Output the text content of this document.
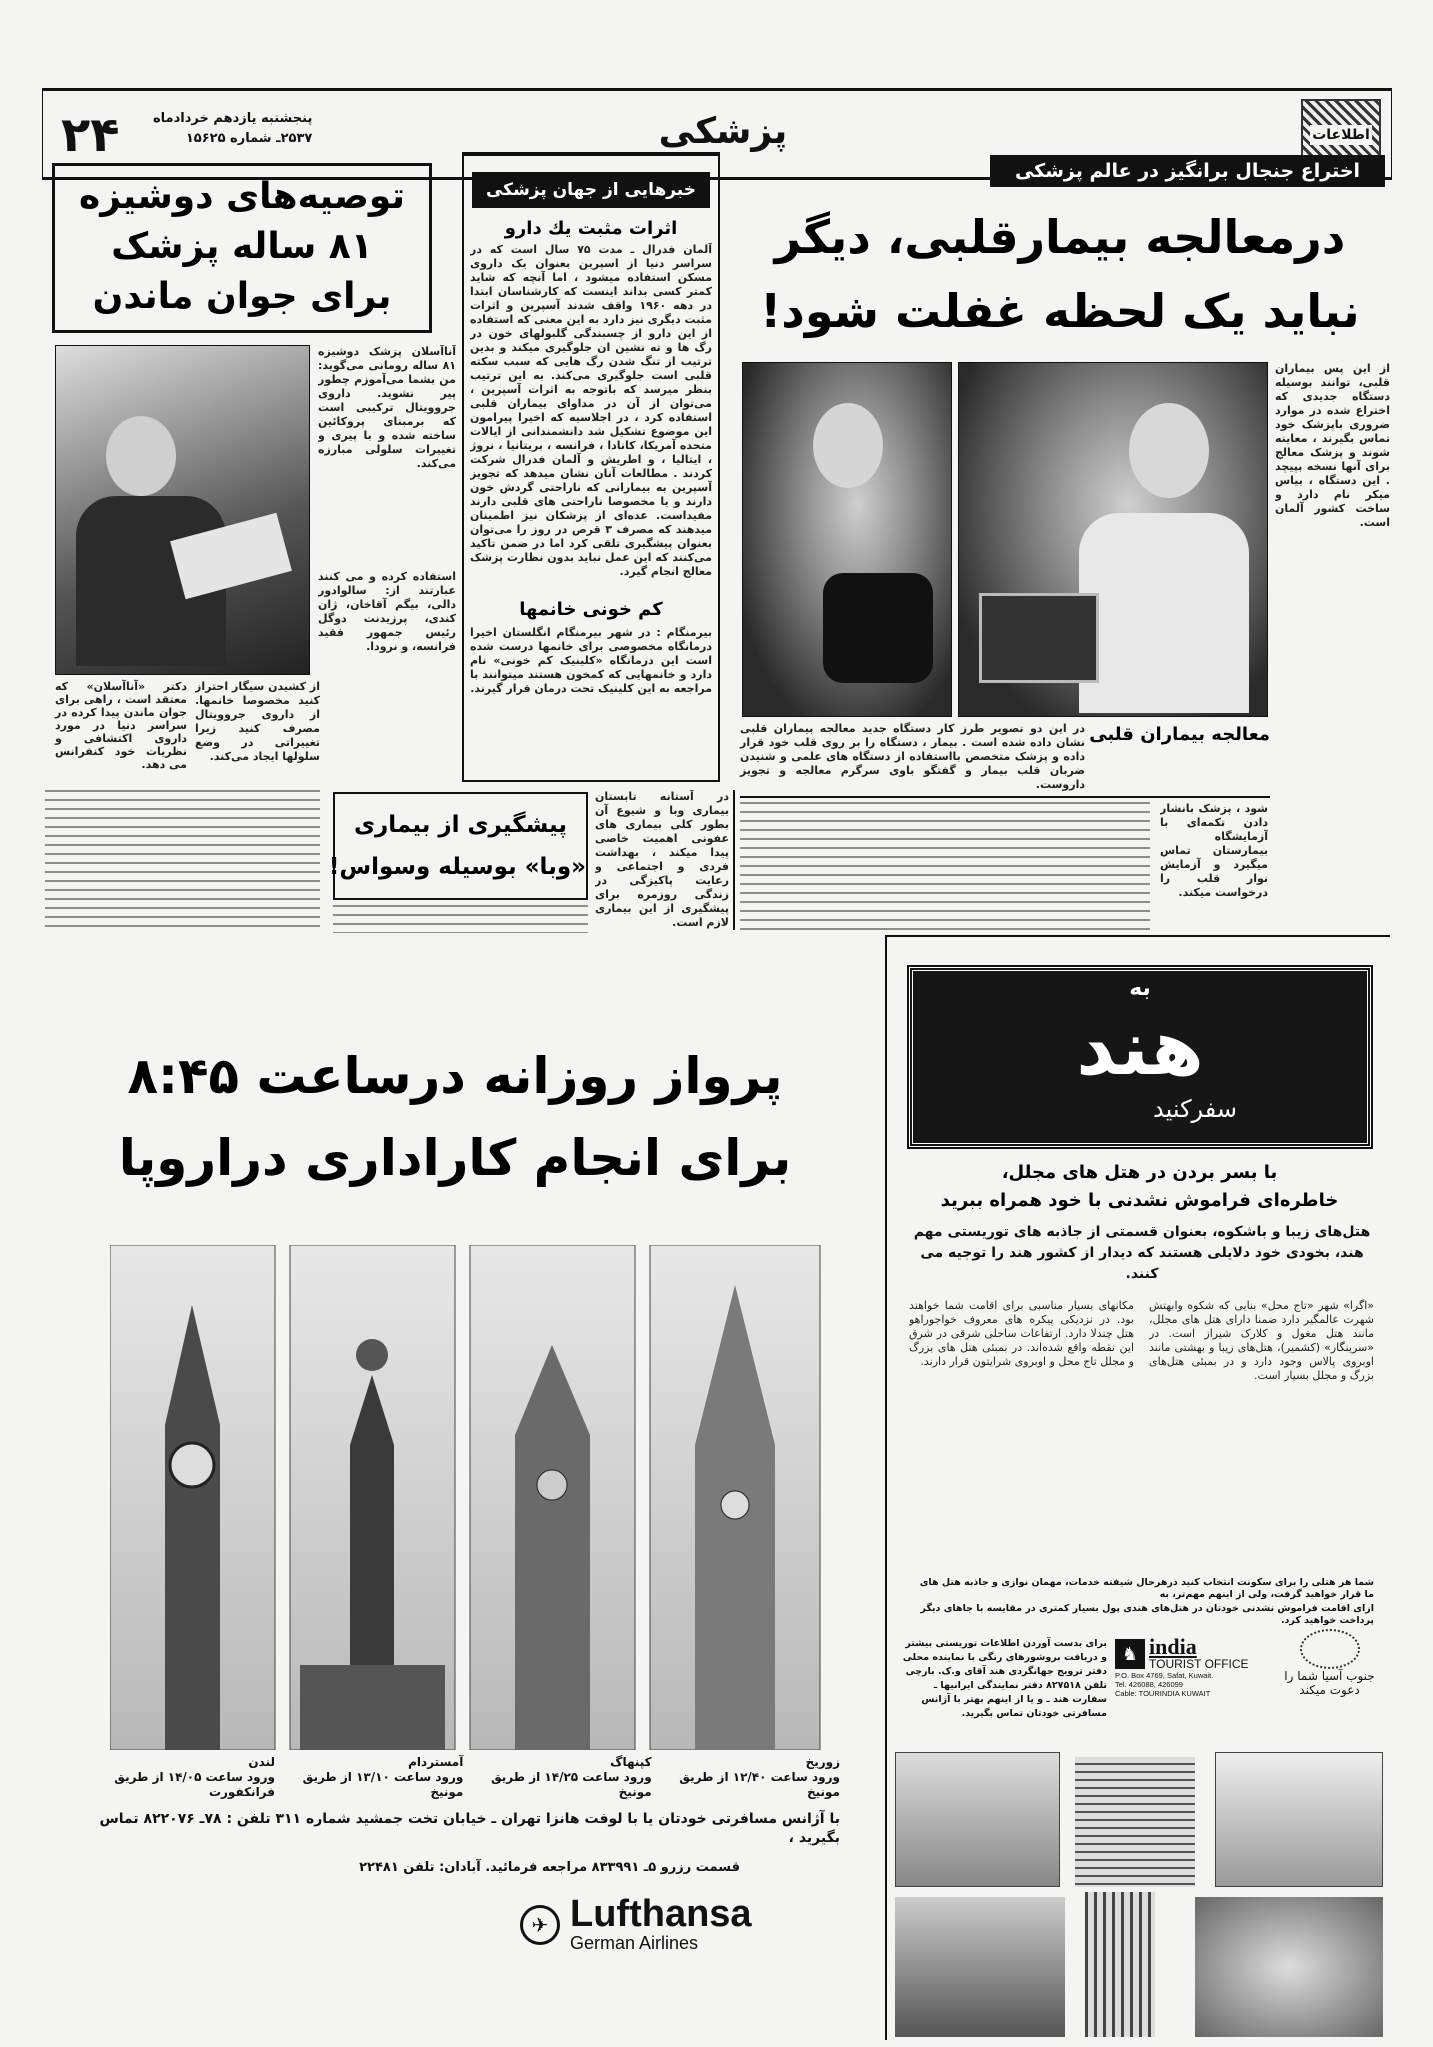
۲۴	پنجشنبه یازدهم خردادماه
۲۵۳۷ـ شماره ۱۵۶۲۵	پزشکی	اطلاعات
توصیه‌های دوشیزه
۸۱ ساله پزشک
برای جوان ماندن
آناآسلان پزشک دوشیزه ۸۱ ساله رومانی می‌گوید: من بشما می‌آموزم چطور پیر نشوید. داروی جروویتال ترکیبی است که برمبنای پروکائین ساخته شده و با پیری و تغییرات سلولی مبارزه می‌کند.
استفاده کرده و می کنند عبارتند از: سالوادور دالی، بیگم آقاخان، ژان کندی، پرزیدنت دوگل رئیس جمهور فقید فرانسه، و نرودا.
از کشیدن سیگار احتراز کنید مخصوصا خانمها. از داروی جروویتال مصرف کنید زیرا تغییراتی در وضع سلولها ایجاد می‌کند.
دکتر «آناآسلان» که معتقد است ، راهی برای جوان ماندن پیدا کرده در سراسر دنیا در مورد داروی اکتشافی و نظریات خود کنفرانس می دهد.
خبرهایی از جهان پزشکی
اثرات مثبت یك دارو
آلمان فدرال ـ مدت ۷۵ سال است که در سراسر دنیا از اسپرین بعنوان یک داروی مسکن استفاده میشود ، اما آنچه که شاید کمتر کسی بداند اینست که کارشناسان ابتدا در دهه ۱۹۶۰ واقف شدند آسپرین و اثرات مثبت دیگری نیز دارد به این معنی که استفاده از این دارو از چسبندگی گلبولهای خون در رگ ها و ته نشین ان جلوگیری میکند و بدین ترتیب از تنگ شدن رگ هایی که سبب سکته قلبی است جلوگیری می‌کند. به این ترتیب بنظر میرسد که باتوجه به اثرات آسپرین ، می‌توان از آن در مداوای بیماران قلبی استفاده کرد ، در اجلاسیه که اخیرا پیرامون این موضوع تشکیل شد دانشمندانی از ایالات متحده آمریکا، کانادا ، فرانسه ، بریتانیا ، نروژ ، ایتالیا ، و اطریش و آلمان فدرال شرکت کردند . مطالعات آنان نشان میدهد که تجویز آسپرین به بیمارانی که ناراحتی گردش خون دارند و یا مخصوصا ناراحتی های قلبی دارند مفیداست. عده‌ای از پزشکان نیز اطمینان میدهند که مصرف ۳ قرص در روز را می‌توان بعنوان پیشگیری تلقی کرد اما در ضمن تاکید می‌کنند که این عمل نباید بدون نظارت پزشک معالج انجام گیرد.
کم خونی خانمها
بیرمنگام : در شهر بیرمنگام انگلستان اخیرا درمانگاه مخصوصی برای خانمها درست شده است این درمانگاه «کلینیک کم خونی» نام دارد و خانمهایی که کمخون هستند میتوانند با مراجعه به این کلینیک تحت درمان قرار گیرند.
اختراع جنجال برانگیز در عالم پزشکی
درمعالجه بیمارقلبی، دیگر
نباید یک لحظه غفلت شود!
از این پس بیماران قلبی، توانند بوسیله دستگاه جدیدی که اختراع شده در موارد ضروری باپزشک خود تماس بگیرند ، معاینه شوند و پزشک معالج برای آنها نسخه بپیچد . این دستگاه ، بیاس میکر نام دارد و ساخت کشور آلمان است.
معالجه بیماران قلبی
در این دو تصویر طرز کار دستگاه جدید معالجه بیماران قلبی نشان داده شده است . بیمار ، دستگاه را بر روی قلب خود قرار داده و پزشک متخصص بااستفاده از دستگاه های علمی و شنیدن ضربان قلب بیمار و گفتگو باوی سرگرم معالجه و تجویز داروست.
شود ، پزشک بانشار دادن تکمه‌ای با آزمایشگاه بیمارستان تماس میگیرد و آزمایش نوار قلب را درخواست میکند.
پیشگیری از بیماری
«وبا» بوسیله وسواس!
در آستانه تابستان بیماری وبا و شیوع آن بطور کلی بیماری های عفونی اهمیت خاصی پیدا میکند ، بهداشت فردی و اجتماعی و رعایت پاکیزگی در زندگی روزمره برای پیشگیری از این بیماری لازم است.
پرواز روزانه درساعت ۸:۴۵
برای انجام کاراداری دراروپا
زوریخ
ورود ساعت ۱۲/۴۰ از طریق مونیخ
کپنهاگ
ورود ساعت ۱۴/۲۵ از طریق مونیخ
آمستردام
ورود ساعت ۱۳/۱۰ از طریق مونیخ
لندن
ورود ساعت ۱۴/۰۵ از طریق فرانکفورت
با آژانس مسافرتی خودتان یا با لوفت هانزا تهران ـ خیابان تخت جمشید شماره ۳۱۱ تلفن : ۷۸ـ ۸۲۲۰۷۶ تماس بگیرید ،
قسمت رزرو ۵ـ ۸۳۳۹۹۱ مراجعه فرمائید. آبادان: تلفن ۲۲۴۸۱
✈ Lufthansa
German Airlines
به
هند
سفرکنید
با بسر بردن در هتل های مجلل،
خاطره‌ای فراموش نشدنی با خود همراه ببرید
هتل‌های زیبا و باشکوه، بعنوان قسمتی از جاذبه های توریستی مهم هند، بخودی خود دلایلی هستند که دیدار از کشور هند را توجیه می کنند.
«اگرا» شهر «تاج محل» بنایی که شکوه وابهتش شهرت عالمگیر دارد ضمنا دارای هتل های مجلل، مانند هتل مغول و کلارک شیراز است. در «سرینگار» (کشمیر)، هتل‌های زیبا و بهشتی مانند اوبروی پالاس وجود دارد و در بمبئی هتل‌های بزرگ و مجلل بسیار است.
مکانهای بسیار مناسبی برای اقامت شما خواهند بود. در نزدیکی پیکره های معروف خواجوراهو هتل چندلا دارد. ارتفاعات ساحلی شرقی در شرق این نقطه واقع شده‌اند. در بمبئی هتل های بزرگ و مجلل تاج محل و اوبروی شرایتون قرار دارند.
شما هر هتلی را برای سکونت انتخاب کنید درهرحال شیفته خدمات، مهمان نوازی و جاذبه هتل های ما قرار خواهید گرفت، ولی از اینهم مهم‌تر، به
ازای اقامت فراموش نشدنی خودتان در هتل‌های هندی پول بسیار کمتری در مقایسه با جاهای دیگر پرداخت خواهید کرد.
برای بدست آوردن اطلاعات توریستی بیشتر و دریافت بروشورهای رنگی با نماینده محلی دفتر ترویج جهانگردی هند آقای و.ک. بارچی تلفن ۸۲۷۵۱۸ دفتر نمایندگی ایرانیها ـ سفارت هند ـ و یا از اینهم بهتر با آژانس مسافرتی خودتان تماس بگیرید.
♞ india
TOURIST OFFICE
P.O. Box 4769, Safat, Kuwait.
Tel. 426088, 426099
Cable: TOURINDIA KUWAIT
جنوب آسیا شما را
دعوت میکند
